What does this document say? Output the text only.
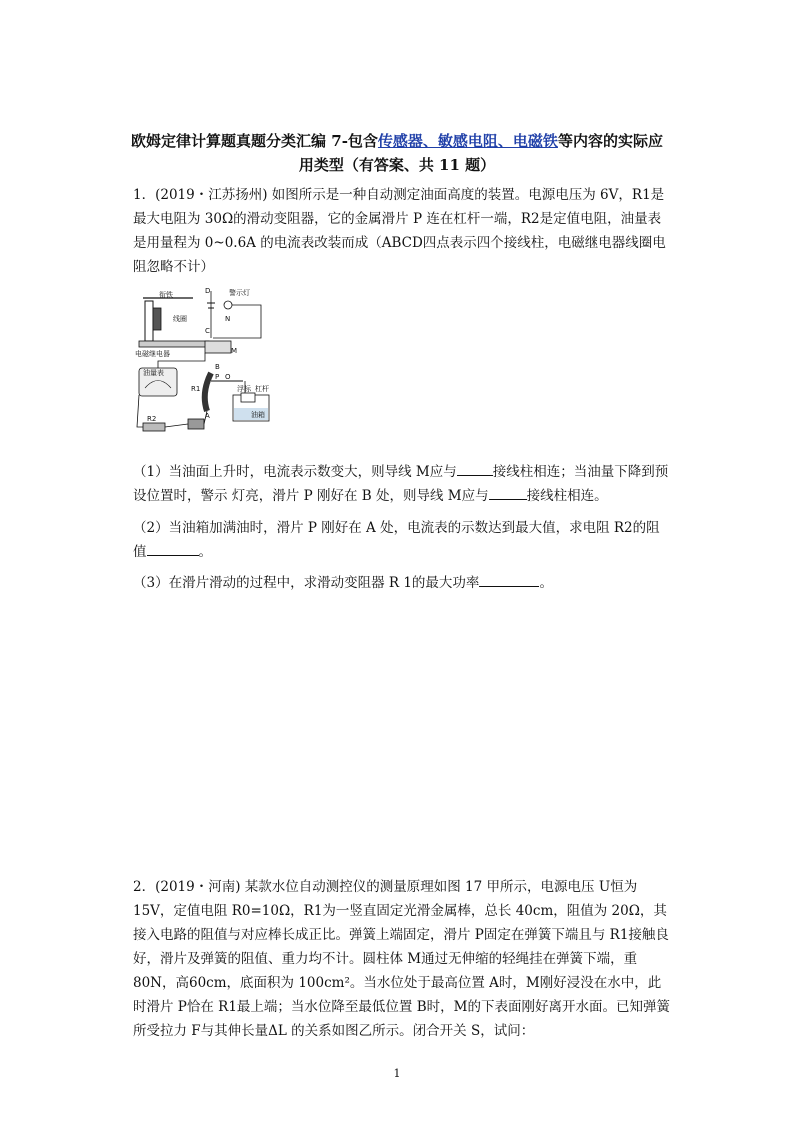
欧姆定律计算题真题分类汇编 7-包含传感器、敏感电阻、电磁铁等内容的实际应用类型（有答案、共 11 题）
1．(2019・江苏扬州) 如图所示是一种自动测定油面高度的装置。电源电压为 6V，R1是最大电阻为 30Ω的滑动变阻器，它的金属滑片 P 连在杠杆一端，R2是定值电阻，油量表是用量程为 0~0.6A 的电流表改装而成（ABCD四点表示四个接线柱，电磁继电器线圈电阻忽略不计）
衔铁
线圈
电磁继电器
D
C
N
M
警示灯
油量表
B
A
R1
P O
浮标 杠杆
油箱
R2
（1）当油面上升时，电流表示数变大，则导线 M应与	接线柱相连；当油量下降到预设位置时，警示 灯亮，滑片 P 刚好在 B 处，则导线 M应与	接线柱相连。
（2）当油箱加满油时，滑片 P 刚好在 A 处，电流表的示数达到最大值，求电阻 R2的阻值	。
（3）在滑片滑动的过程中，求滑动变阻器 R 1的最大功率	。
2．(2019・河南) 某款水位自动测控仪的测量原理如图 17 甲所示，电源电压 U恒为15V，定值电阻 R0=10Ω，R1为一竖直固定光滑金属棒，总长 40cm，阻值为 20Ω，其接入电路的阻值与对应棒长成正比。弹簧上端固定，滑片 P固定在弹簧下端且与 R1接触良好，滑片及弹簧的阻值、重力均不计。圆柱体 M通过无伸缩的轻绳挂在弹簧下端，重 80N，高60cm，底面积为 100cm²。当水位处于最高位置 A时，M刚好浸没在水中，此时滑片 P恰在 R1最上端；当水位降至最低位置 B时，M的下表面刚好离开水面。已知弹簧所受拉力 F与其伸长量ΔL 的关系如图乙所示。闭合开关 S，试问：
1
